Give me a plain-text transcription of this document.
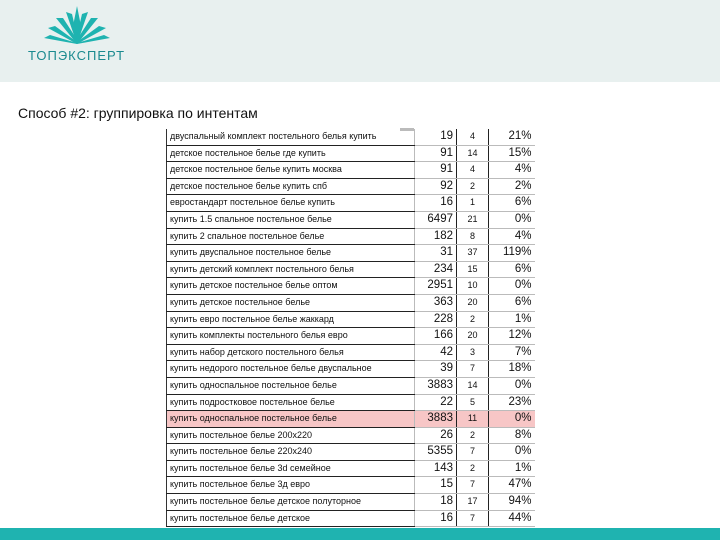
ТОПЭКСПЕРТ
Способ #2: группировка по интентам
двуспальный комплект постельного белья купить	19	4	21%
детское постельное белье где купить	91	14	15%
детское постельное белье купить москва	91	4	4%
детское постельное белье купить спб	92	2	2%
евростандарт постельное белье купить	16	1	6%
купить 1.5 спальное постельное белье	6497	21	0%
купить 2 спальное постельное белье	182	8	4%
купить двуспальное постельное белье	31	37	119%
купить детский комплект постельного белья	234	15	6%
купить детское постельное белье оптом	2951	10	0%
купить детское постельное белье	363	20	6%
купить евро постельное белье жаккард	228	2	1%
купить комплекты постельного белья евро	166	20	12%
купить набор детского постельного белья	42	3	7%
купить недорого постельное белье двуспальное	39	7	18%
купить односпальное постельное белье	3883	14	0%
купить подростковое постельное белье	22	5	23%
купить односпальное постельное белье	3883	11	0%
купить постельное белье 200х220	26	2	8%
купить постельное белье 220х240	5355	7	0%
купить постельное белье 3d семейное	143	2	1%
купить постельное белье 3д евро	15	7	47%
купить постельное белье детское полуторное	18	17	94%
купить постельное белье детское	16	7	44%
